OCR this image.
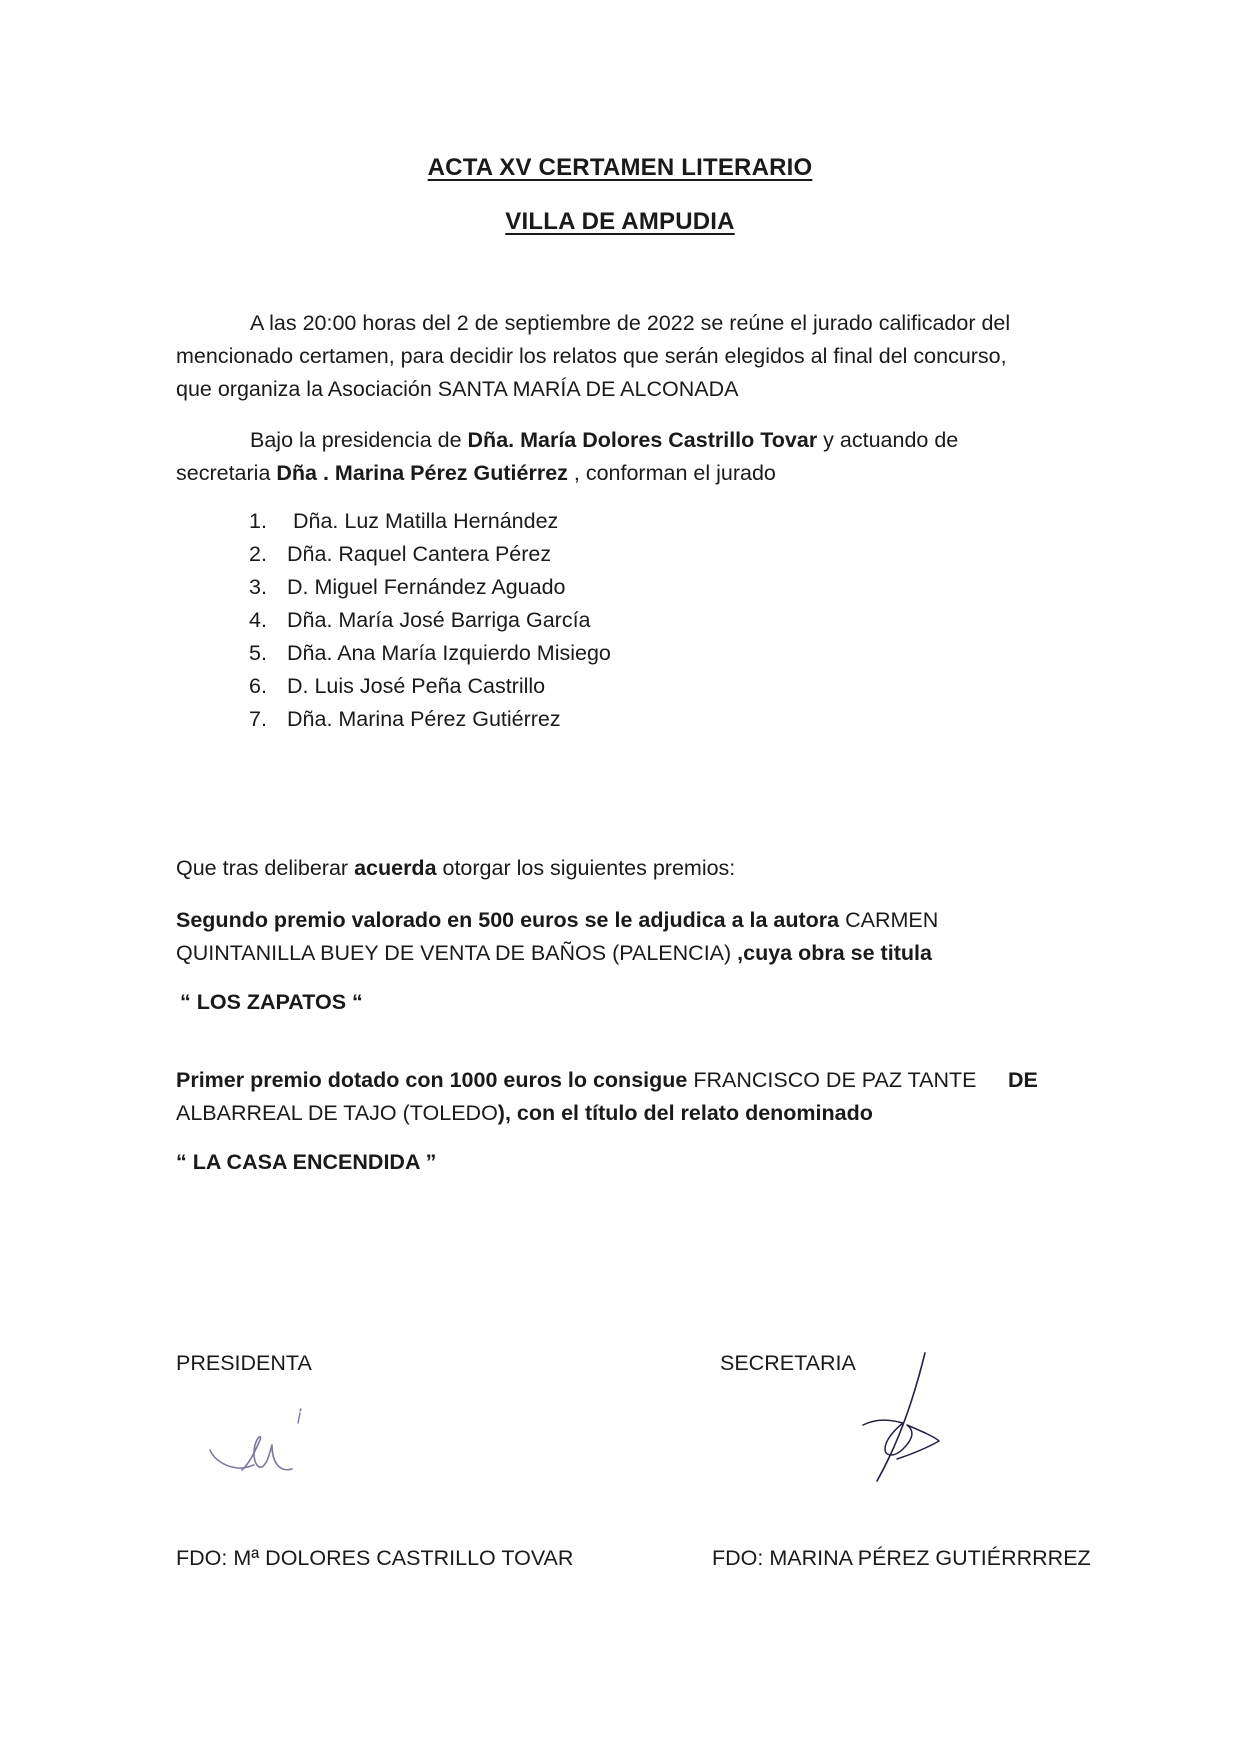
ACTA XV CERTAMEN LITERARIO
VILLA DE AMPUDIA
A las 20:00 horas del 2 de septiembre de 2022 se reúne el jurado calificador del
mencionado certamen, para decidir los relatos que serán elegidos al final del concurso,
que organiza la Asociación SANTA MARÍA DE ALCONADA
Bajo la presidencia de Dña. María Dolores Castrillo Tovar y actuando de
secretaria Dña . Marina Pérez Gutiérrez , conforman el jurado
1. Dña. Luz Matilla Hernández
2. Dña. Raquel Cantera Pérez
3. D. Miguel Fernández Aguado
4. Dña. María José Barriga García
5. Dña. Ana María Izquierdo Misiego
6. D. Luis José Peña Castrillo
7. Dña. Marina Pérez Gutiérrez
Que tras deliberar acuerda otorgar los siguientes premios:
Segundo premio valorado en 500 euros se le adjudica a la autora CARMEN
QUINTANILLA BUEY DE VENTA DE BAÑOS (PALENCIA) ,cuya obra se titula
“ LOS ZAPATOS “
Primer premio dotado con 1000 euros lo consigue FRANCISCO DE PAZ TANTE DE
ALBARREAL DE TAJO (TOLEDO), con el título del relato denominado
“ LA CASA ENCENDIDA ”
PRESIDENTA	SECRETARIA
FDO: Mª DOLORES CASTRILLO TOVAR	FDO: MARINA PÉREZ GUTIÉRRRREZ
